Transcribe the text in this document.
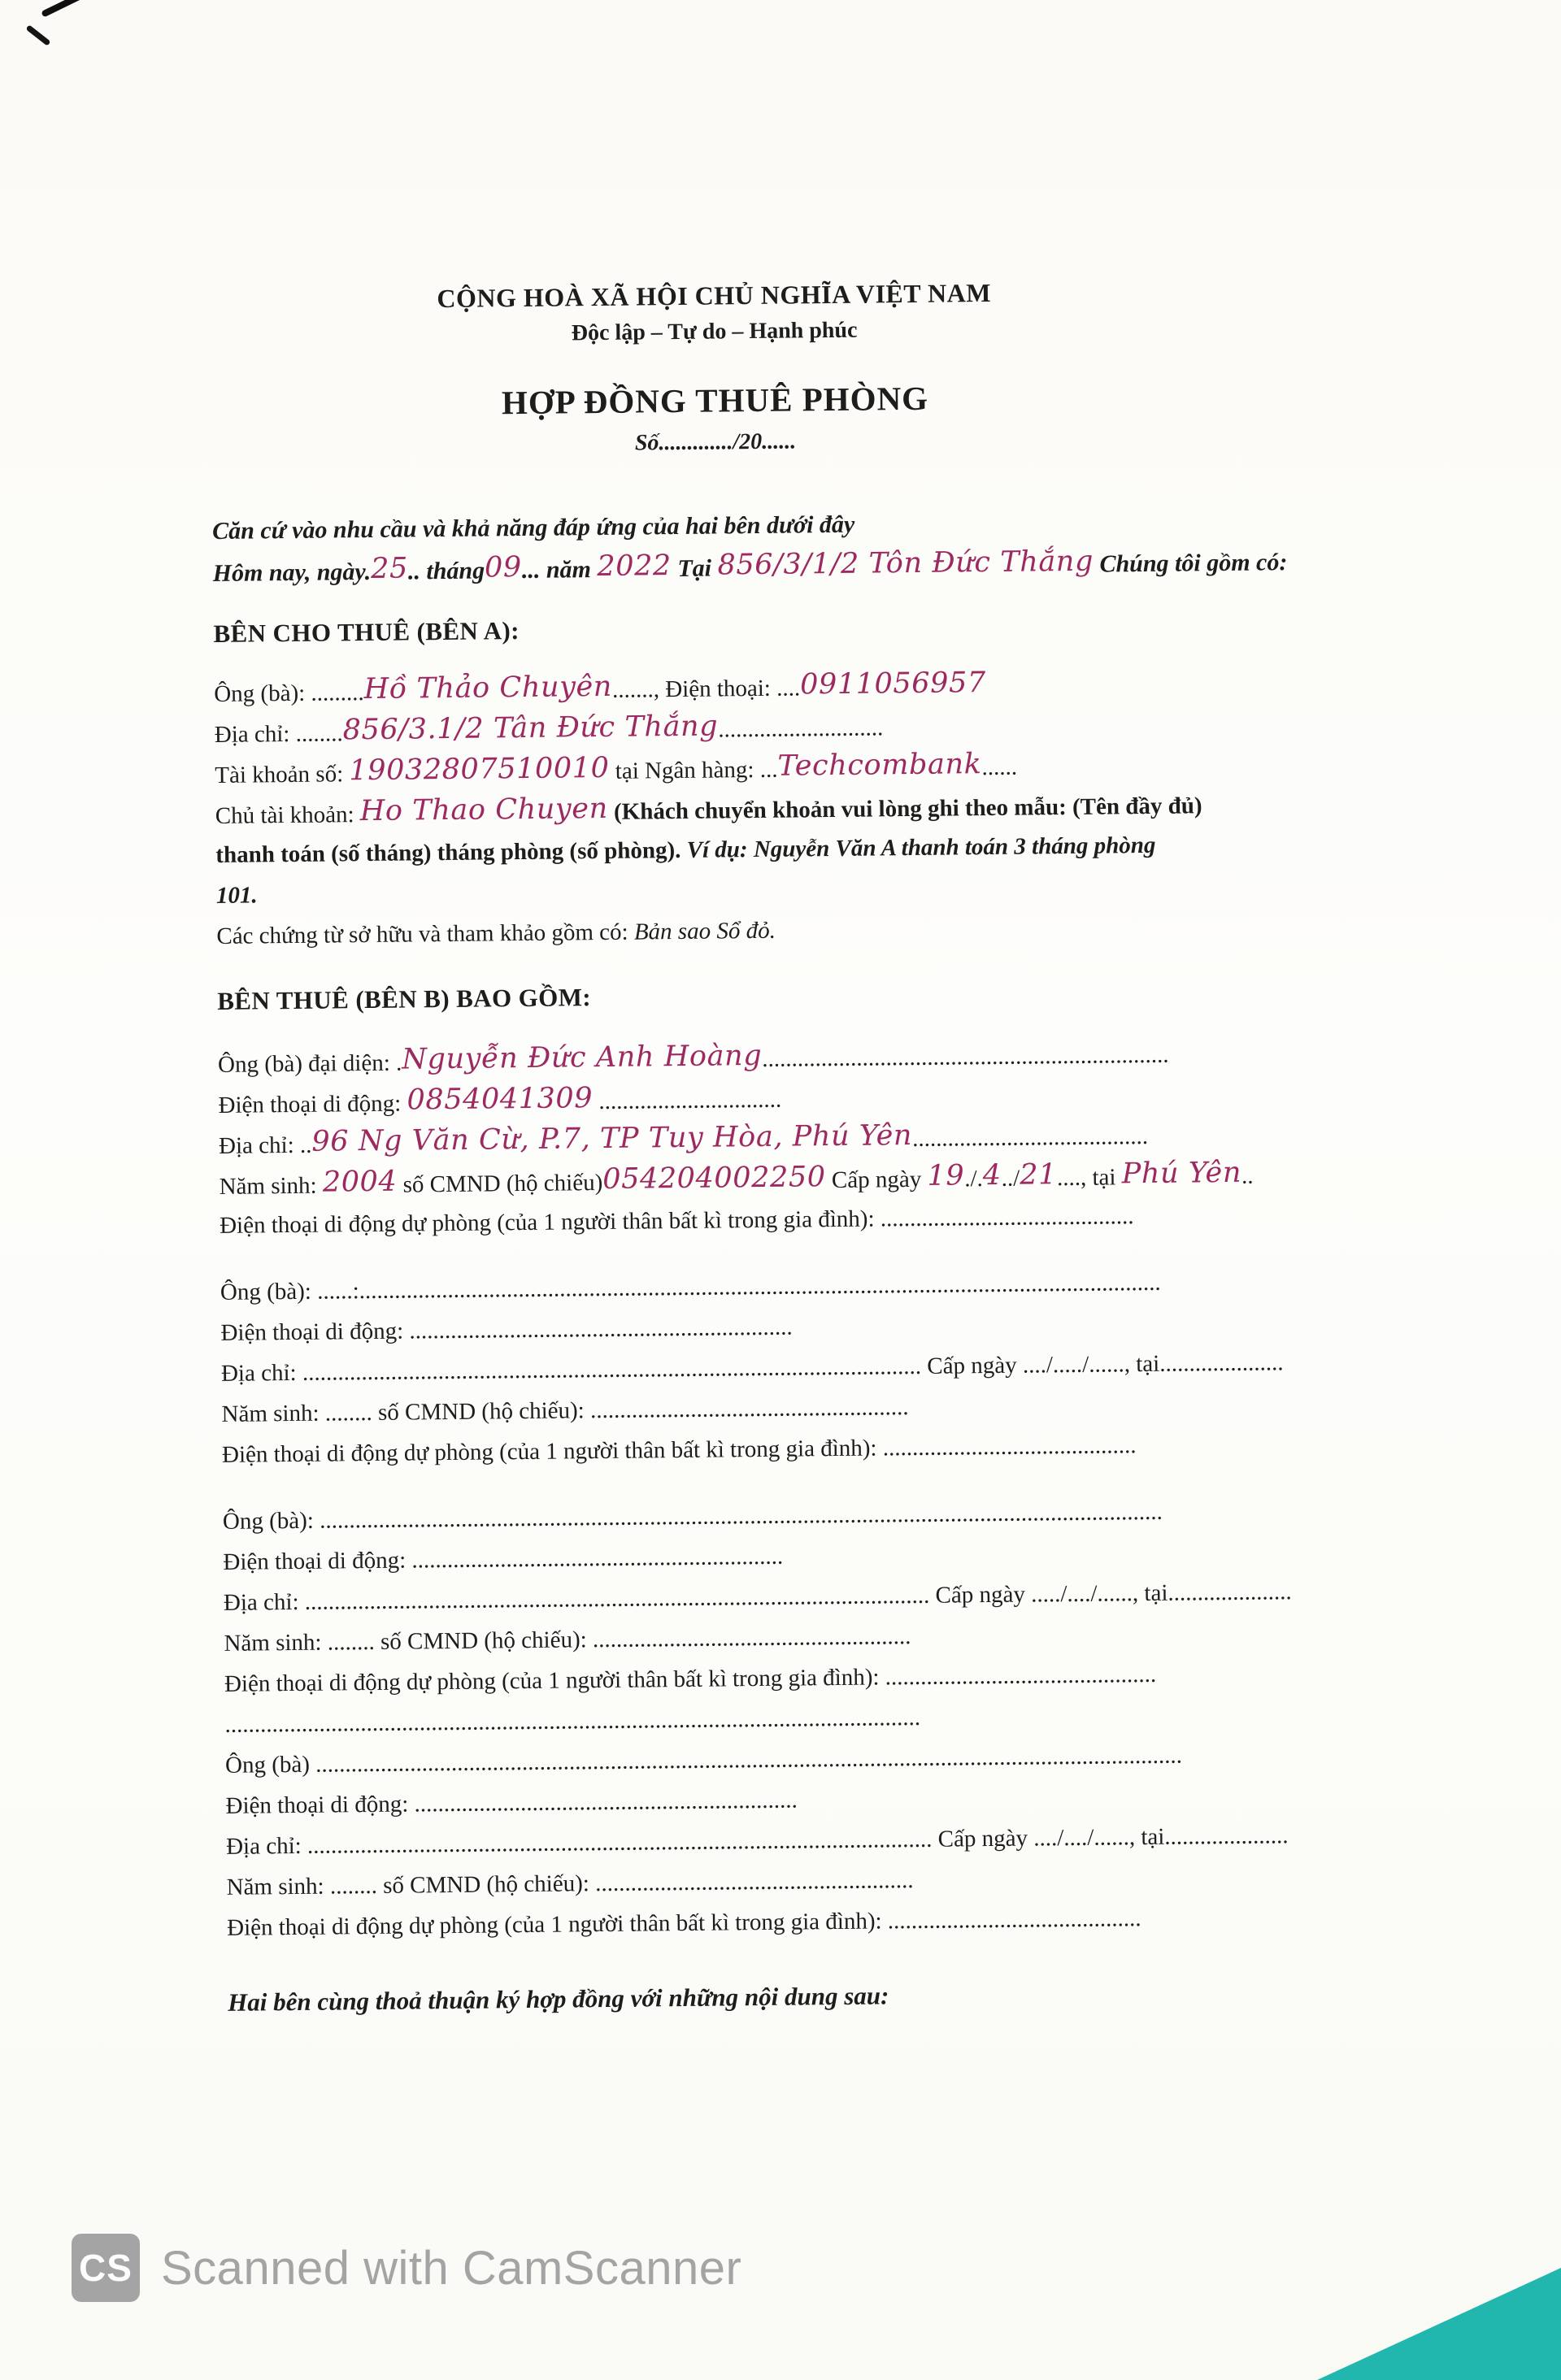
CỘNG HOÀ XÃ HỘI CHỦ NGHĨA VIỆT NAM
Độc lập – Tự do – Hạnh phúc
HỢP ĐỒNG THUÊ PHÒNG
Số............./20......
Căn cứ vào nhu cầu và khả năng đáp ứng của hai bên dưới đây
Hôm nay, ngày.25.. tháng09... năm 2022 Tại 856/3/1/2 Tôn Đức Thắng Chúng tôi gồm có:
BÊN CHO THUÊ (BÊN A):
Ông (bà): .........Hồ Thảo Chuyên......., Điện thoại: ....0911056957
Địa chỉ: ........856/3.1/2 Tân Đức Thắng............................
Tài khoản số: 19032807510010 tại Ngân hàng: ...Techcombank......
Chủ tài khoản: Ho Thao Chuyen (Khách chuyển khoản vui lòng ghi theo mẫu: (Tên đầy đủ)
thanh toán (số tháng) tháng phòng (số phòng). Ví dụ: Nguyễn Văn A thanh toán 3 tháng phòng
101.
Các chứng từ sở hữu và tham khảo gồm có: Bản sao Sổ đỏ.
BÊN THUÊ (BÊN B) BAO GỒM:
Ông (bà) đại diện: .Nguyễn Đức Anh Hoàng.....................................................................
Điện thoại di động: 0854041309 ...............................
Địa chỉ: ..96 Ng Văn Cừ, P.7, TP Tuy Hòa, Phú Yên........................................
Năm sinh: 2004 số CMND (hộ chiếu)054204002250 Cấp ngày 19./.4../21...., tại Phú Yên..
Điện thoại di động dự phòng (của 1 người thân bất kì trong gia đình): ...........................................
Ông (bà): ......:........................................................................................................................................
Điện thoại di động: .................................................................
Địa chỉ: ......................................................................................................... Cấp ngày ..../...../......, tại.....................
Năm sinh: ........ số CMND (hộ chiếu): ......................................................
Điện thoại di động dự phòng (của 1 người thân bất kì trong gia đình): ...........................................
Ông (bà): ...............................................................................................................................................
Điện thoại di động: ...............................................................
Địa chỉ: .......................................................................................................... Cấp ngày ...../..../......, tại.....................
Năm sinh: ........ số CMND (hộ chiếu): ......................................................
Điện thoại di động dự phòng (của 1 người thân bất kì trong gia đình): ..............................................
......................................................................................................................
Ông (bà) ...................................................................................................................................................
Điện thoại di động: .................................................................
Địa chỉ: .......................................................................................................... Cấp ngày ..../..../......, tại.....................
Năm sinh: ........ số CMND (hộ chiếu): ......................................................
Điện thoại di động dự phòng (của 1 người thân bất kì trong gia đình): ...........................................
Hai bên cùng thoả thuận ký hợp đồng với những nội dung sau:
CS Scanned with CamScanner
